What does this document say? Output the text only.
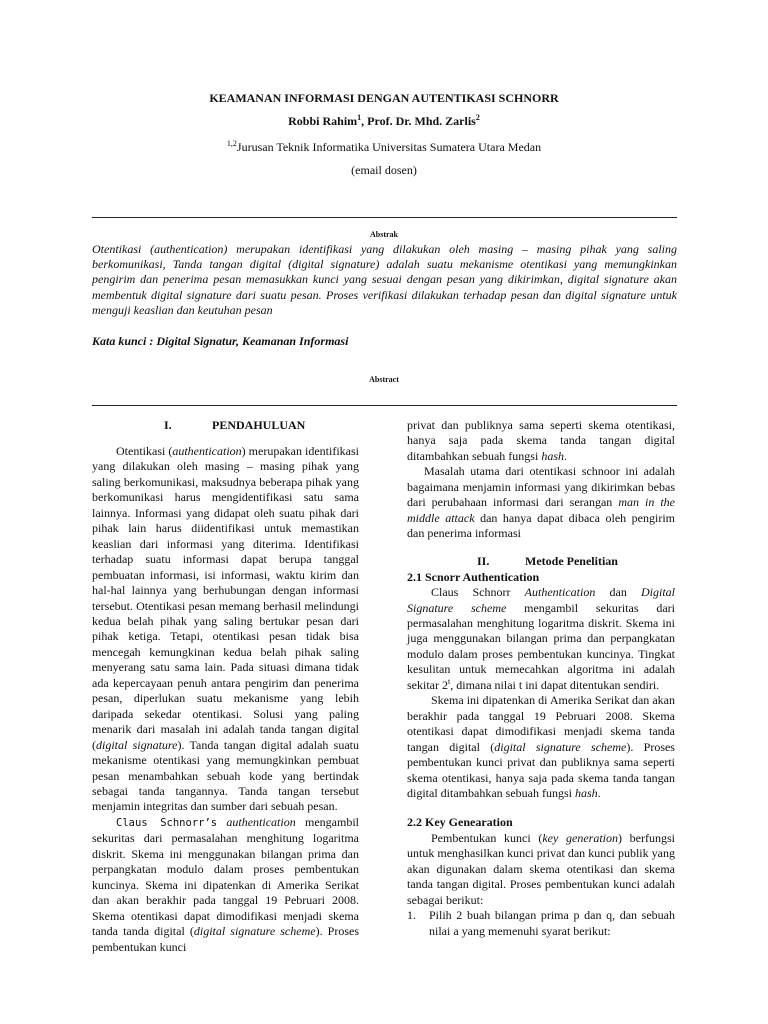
KEAMANAN INFORMASI DENGAN AUTENTIKASI SCHNORR
Robbi Rahim$^1$, Prof. Dr. Mhd. Zarlis$^2$
$^{1,2}$Jurusan Teknik Informatika Universitas Sumatera Utara Medan
(email dosen)
Abstrak
Otentikasi (authentication) merupakan identifikasi yang dilakukan oleh masing – masing pihak yang saling berkomunikasi, Tanda tangan digital (digital signature) adalah suatu mekanisme otentikasi yang memungkinkan pengirim dan penerima pesan memasukkan kunci yang sesuai dengan pesan yang dikirimkan, digital signature akan membentuk digital signature dari suatu pesan. Proses verifikasi dilakukan terhadap pesan dan digital signature untuk menguji keaslian dan keutuhan pesan
Kata kunci : Digital Signatur, Keamanan Informasi
Abstract
I.	PENDAHULUAN

Otentikasi (authentication) merupakan identifikasi yang dilakukan oleh masing – masing pihak yang saling berkomunikasi, maksudnya beberapa pihak yang berkomunikasi harus mengidentifikasi satu sama lainnya. Informasi yang didapat oleh suatu pihak dari pihak lain harus diidentifikasi untuk memastikan keaslian dari informasi yang diterima. Identifikasi terhadap suatu informasi dapat berupa tanggal pembuatan informasi, isi informasi, waktu kirim dan hal-hal lainnya yang berhubungan dengan informasi tersebut. Otentikasi pesan memang berhasil melindungi kedua belah pihak yang saling bertukar pesan dari pihak ketiga. Tetapi, otentikasi pesan tidak bisa mencegah kemungkinan kedua belah pihak saling menyerang satu sama lain. Pada situasi dimana tidak ada kepercayaan penuh antara pengirim dan penerima pesan, diperlukan suatu mekanisme yang lebih daripada sekedar otentikasi. Solusi yang paling menarik dari masalah ini adalah tanda tangan digital (digital signature). Tanda tangan digital adalah suatu mekanisme otentikasi yang memungkinkan pembuat pesan menambahkan sebuah kode yang bertindak sebagai tanda tangannya. Tanda tangan tersebut menjamin integritas dan sumber dari sebuah pesan.

Claus Schnorr’s authentication mengambil sekuritas dari permasalahan menghitung logaritma diskrit. Skema ini menggunakan bilangan prima dan perpangkatan modulo dalam proses pembentukan kuncinya. Skema ini dipatenkan di Amerika Serikat dan akan berakhir pada tanggal 19 Pebruari 2008. Skema otentikasi dapat dimodifikasi menjadi skema tanda tanda digital (digital signature scheme). Proses pembentukan kunci

privat dan publiknya sama seperti skema otentikasi, hanya saja pada skema tanda tangan digital ditambahkan sebuah fungsi hash.

Masalah utama dari otentikasi schnoor ini adalah bagaimana menjamin informasi yang dikirimkan bebas dari perubahaan informasi dari serangan man in the middle attack dan hanya dapat dibaca oleh pengirim dan penerima informasi

II.	Metode Penelitian
2.1 Scnorr Authentication

Claus Schnorr Authentication dan Digital Signature scheme mengambil sekuritas dari permasalahan menghitung logaritma diskrit. Skema ini juga menggunakan bilangan prima dan perpangkatan modulo dalam proses pembentukan kuncinya. Tingkat kesulitan untuk memecahkan algoritma ini adalah sekitar 2$^t$, dimana nilai t ini dapat ditentukan sendiri.

Skema ini dipatenkan di Amerika Serikat dan akan berakhir pada tanggal 19 Pebruari 2008. Skema otentikasi dapat dimodifikasi menjadi skema tanda tangan digital (digital signature scheme). Proses pembentukan kunci privat dan publiknya sama seperti skema otentikasi, hanya saja pada skema tanda tangan digital ditambahkan sebuah fungsi hash.

2.2 Key Genearation

Pembentukan kunci (key generation) berfungsi untuk menghasilkan kunci privat dan kunci publik yang akan digunakan dalam skema otentikasi dan skema tanda tangan digital. Proses pembentukan kunci adalah sebagai berikut:

1.	Pilih 2 buah bilangan prima p dan q, dan sebuah nilai a yang memenuhi syarat berikut:
